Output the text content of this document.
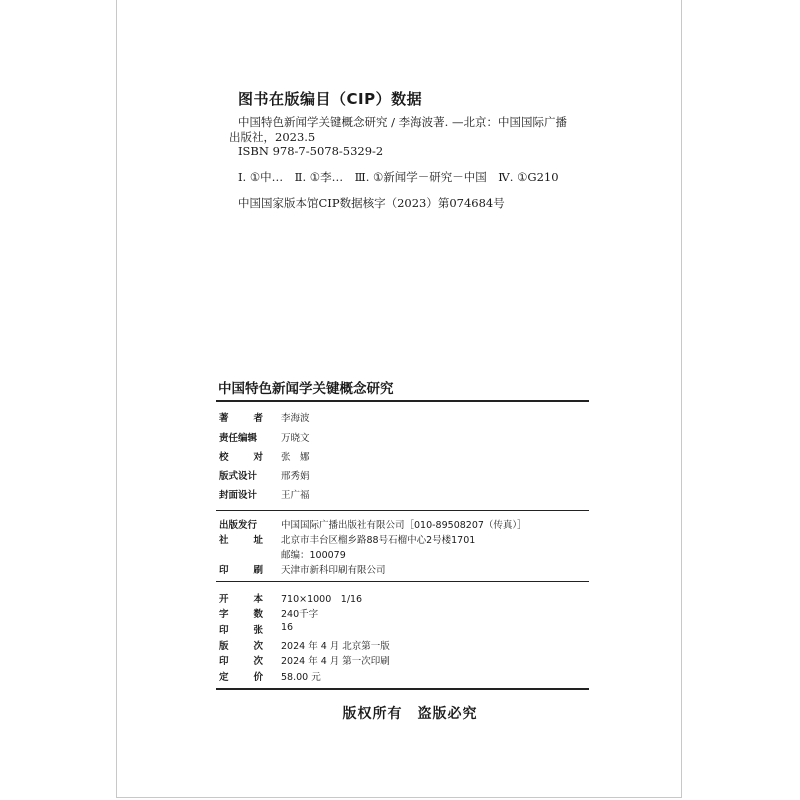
图书在版编目（CIP）数据
中国特色新闻学关键概念研究 / 李海波著. —北京：中国国际广播
出版社，2023.5
ISBN 978-7-5078-5329-2
Ⅰ. ①中…　Ⅱ. ①李…　Ⅲ. ①新闻学－研究－中国　Ⅳ. ①G210
中国国家版本馆CIP数据核字（2023）第074684号
中国特色新闻学关键概念研究
著	者 李海波
责任编辑	万晓文
校	对 张　娜
版式设计	邢秀娟
封面设计	王广福
出版发行	中国国际广播出版社有限公司［010-89508207（传真）］
社	址 北京市丰台区榴乡路88号石榴中心2号楼1701
邮编：100079
印	刷 天津市新科印刷有限公司
开	本 710×1000　1/16
字	数 240千字
印	张 16
版	次 2024 年 4 月 北京第一版
印	次 2024 年 4 月 第一次印刷
定	价 58.00 元
版权所有　盗版必究
